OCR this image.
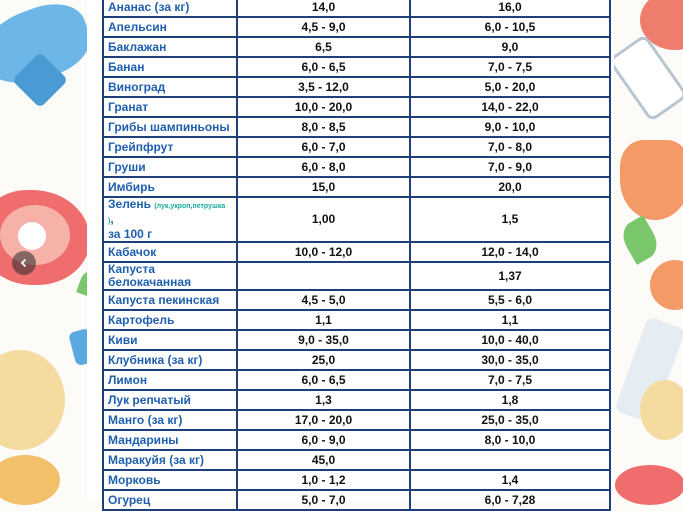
Ананас (за кг)	14,0	16,0
Апельсин	4,5 - 9,0	6,0 - 10,5
Баклажан	6,5	9,0
Банан	6,0 - 6,5	7,0 - 7,5
Виноград	3,5 - 12,0	5,0 - 20,0
Гранат	10,0 - 20,0	14,0 - 22,0
Грибы шампиньоны	8,0 - 8,5	9,0 - 10,0
Грейпфрут	6,0 - 7,0	7,0 - 8,0
Груши	6,0 - 8,0	7,0 - 9,0
Имбирь	15,0	20,0
Зелень (лук,укроп,петрушка ),
за 100 г	1,00	1,5
Кабачок	10,0 - 12,0	12,0 - 14,0
Капуста белокачанная		1,37
Капуста пекинская	4,5 - 5,0	5,5 - 6,0
Картофель	1,1	1,1
Киви	9,0 - 35,0	10,0 - 40,0
Клубника (за кг)	25,0	30,0 - 35,0
Лимон	6,0 - 6,5	7,0 - 7,5
Лук репчатый	1,3	1,8
Манго (за кг)	17,0 - 20,0	25,0 - 35,0
Мандарины	6,0 - 9,0	8,0 - 10,0
Маракуйя (за кг)	45,0	
Морковь	1,0 - 1,2	1,4
Огурец	5,0 - 7,0	6,0 - 7,28
